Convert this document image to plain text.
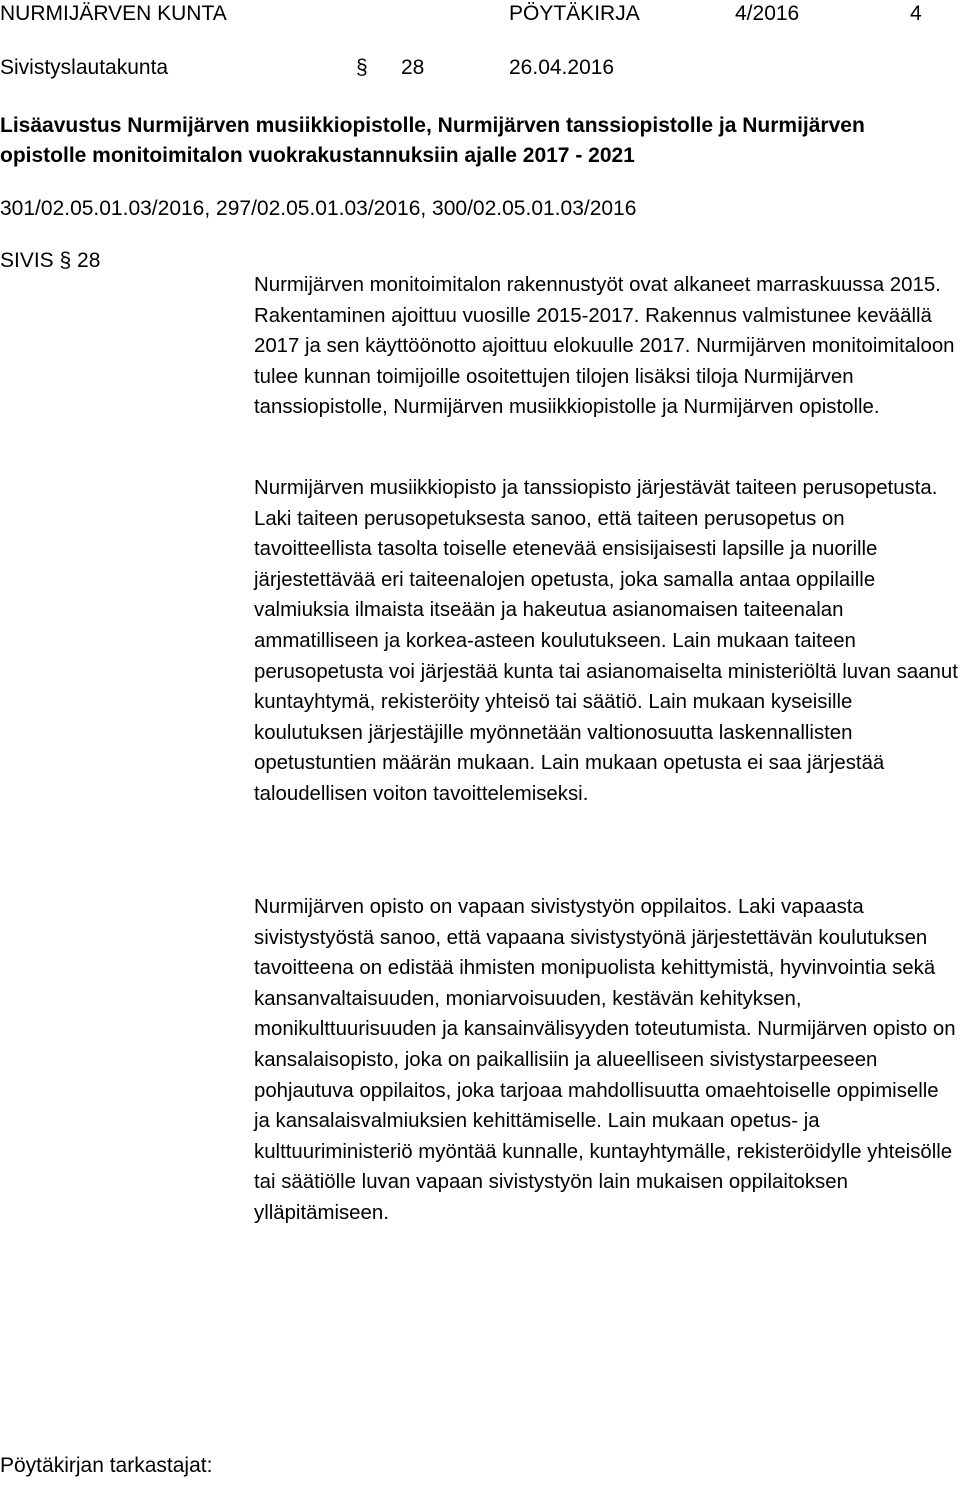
NURMIJÄRVEN KUNTA	PÖYTÄKIRJA	4/2016	4
Sivistyslautakunta	§ 28	26.04.2016
Lisäavustus Nurmijärven musiikkiopistolle, Nurmijärven tanssiopistolle ja Nurmijärven
opistolle monitoimitalon vuokrakustannuksiin ajalle 2017 - 2021
301/02.05.01.03/2016, 297/02.05.01.03/2016, 300/02.05.01.03/2016
SIVIS § 28

Nurmijärven monitoimitalon rakennustyöt ovat alkaneet marraskuussa 2015. Rakentaminen ajoittuu vuosille 2015-2017. Rakennus valmistunee keväällä 2017 ja sen käyttöönotto ajoittuu elokuulle 2017. Nurmijärven monitoimitaloon tulee kunnan toimijoille osoitettujen tilojen lisäksi tiloja Nurmijärven tanssiopistolle, Nurmijärven musiikkiopistolle ja Nurmijärven opistolle.

Nurmijärven musiikkiopisto ja tanssiopisto järjestävät taiteen perusopetusta. Laki taiteen perusopetuksesta sanoo, että taiteen perusopetus on tavoitteellista tasolta toiselle etenevää ensisijaisesti lapsille ja nuorille järjestettävää eri taiteenalojen opetusta, joka samalla antaa oppilaille valmiuksia ilmaista itseään ja hakeutua asianomaisen taiteenalan ammatilliseen ja korkea-asteen koulutukseen. Lain mukaan taiteen perusopetusta voi järjestää kunta tai asianomaiselta ministeriöltä luvan saanut kuntayhtymä, rekisteröity yhteisö tai säätiö. Lain mukaan kyseisille koulutuksen järjestäjille myönnetään valtionosuutta laskennallisten opetustuntien määrän mukaan. Lain mukaan opetusta ei saa järjestää taloudellisen voiton tavoittelemiseksi.

Nurmijärven opisto on vapaan sivistystyön oppilaitos. Laki vapaasta sivistystyöstä sanoo, että vapaana sivistystyönä järjestettävän koulutuksen tavoitteena on edistää ihmisten monipuolista kehittymistä, hyvinvointia sekä kansanvaltaisuuden, moniarvoisuuden, kestävän kehityksen, monikulttuurisuuden ja kansainvälisyyden toteutumista. Nurmijärven opisto on kansalaisopisto, joka on paikallisiin ja alueelliseen sivistystarpeeseen pohjautuva oppilaitos, joka tarjoaa mahdollisuutta omaehtoiselle oppimiselle ja kansalaisvalmiuksien kehittämiselle. Lain mukaan opetus- ja kulttuuriministeriö myöntää kunnalle, kuntayhtymälle, rekisteröidylle yhteisölle tai säätiölle luvan vapaan sivistystyön lain mukaisen oppilaitoksen ylläpitämiseen.

Pöytäkirjan tarkastajat:
